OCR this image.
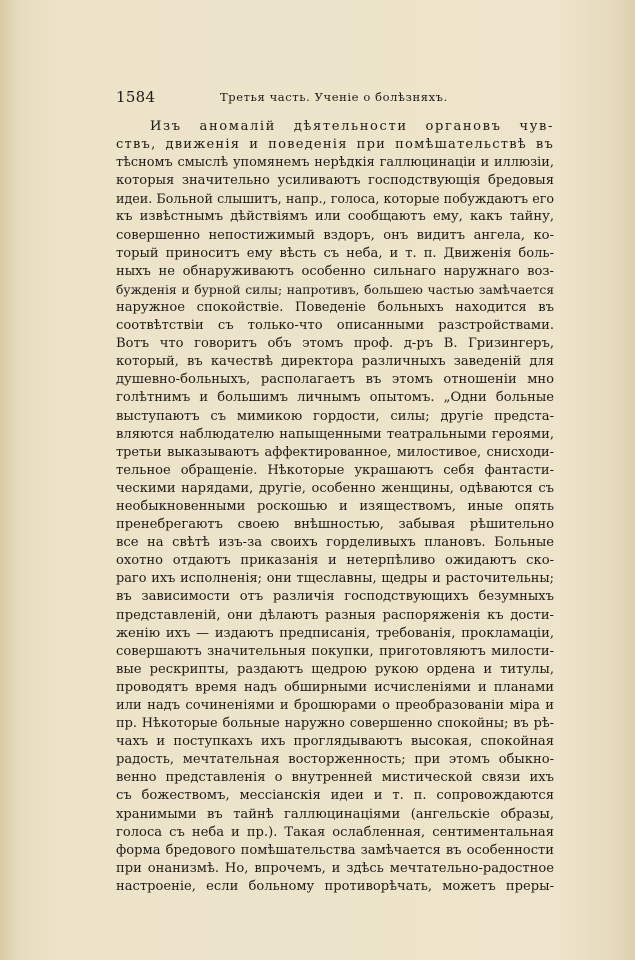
1584	Третья часть. Ученiе о болѣзняхъ.
Изъ аномалiй дѣятельности органовъ чув-
ствъ, движенiя и поведенiя при помѣшательствѣ въ
тѣсномъ смыслѣ упомянемъ нерѣдкiя галлюцинацiи и иллюзiи,
которыя значительно усиливаютъ господствующiя бредовыя
идеи. Больной слышитъ, напр., голоса, которые побуждаютъ его
къ извѣстнымъ дѣйствiямъ или сообщаютъ ему, какъ тайну,
совершенно непостижимый вздоръ, онъ видитъ ангела, ко-
торый приноситъ ему вѣсть съ неба, и т. п. Движенiя боль-
ныхъ не обнаруживаютъ особенно сильнаго наружнаго воз-
бужденiя и бурной силы; напротивъ, большею частью замѣчается
наружное спокойствiе. Поведенiе больныхъ находится въ
соотвѣтствiи съ только-что описанными разстройствами.
Вотъ что говоритъ объ этомъ проф. д-ръ В. Гризингеръ,
который, въ качествѣ директора различныхъ заведенiй для
душевно-больныхъ, располагаетъ въ этомъ отношенiи мно
голѣтнимъ и большимъ личнымъ опытомъ. „Одни больные
выступаютъ съ мимикою гордости, силы; другiе предста-
вляются наблюдателю напыщенными театральными героями,
третьи выказываютъ аффектированное, милостивое, снисходи-
тельное обращенiе. Нѣкоторые украшаютъ себя фантасти-
ческими нарядами, другiе, особенно женщины, одѣваются съ
необыкновенными роскошью и изяществомъ, иные опять
пренебрегаютъ своею внѣшностью, забывая рѣшительно
все на свѣтѣ изъ-за своихъ горделивыхъ плановъ. Больные
охотно отдаютъ приказанiя и нетерпѣливо ожидаютъ ско-
раго ихъ исполненiя; они тщеславны, щедры и расточительны;
въ зависимости отъ различiя господствующихъ безумныхъ
представленiй, они дѣлаютъ разныя распоряженiя къ дости-
женiю ихъ — издаютъ предписанiя, требованiя, прокламацiи,
совершаютъ значительныя покупки, приготовляютъ милости-
вые рескрипты, раздаютъ щедрою рукою ордена и титулы,
проводятъ время надъ обширными исчисленiями и планами
или надъ сочиненiями и брошюрами о преобразованiи мiра и
пр. Нѣкоторые больные наружно совершенно спокойны; въ рѣ-
чахъ и поступкахъ ихъ проглядываютъ высокая, спокойная
радость, мечтательная восторженность; при этомъ обыкно-
венно представленiя о внутренней мистической связи ихъ
съ божествомъ, мессiанскiя идеи и т. п. сопровождаются
хранимыми въ тайнѣ галлюцинацiями (ангельскiе образы,
голоса съ неба и пр.). Такая ослабленная, сентиментальная
форма бредового помѣшательства замѣчается въ особенности
при онанизмѣ. Но, впрочемъ, и здѣсь мечтательно-радостное
настроенiе, если больному противорѣчать, можетъ преры-
